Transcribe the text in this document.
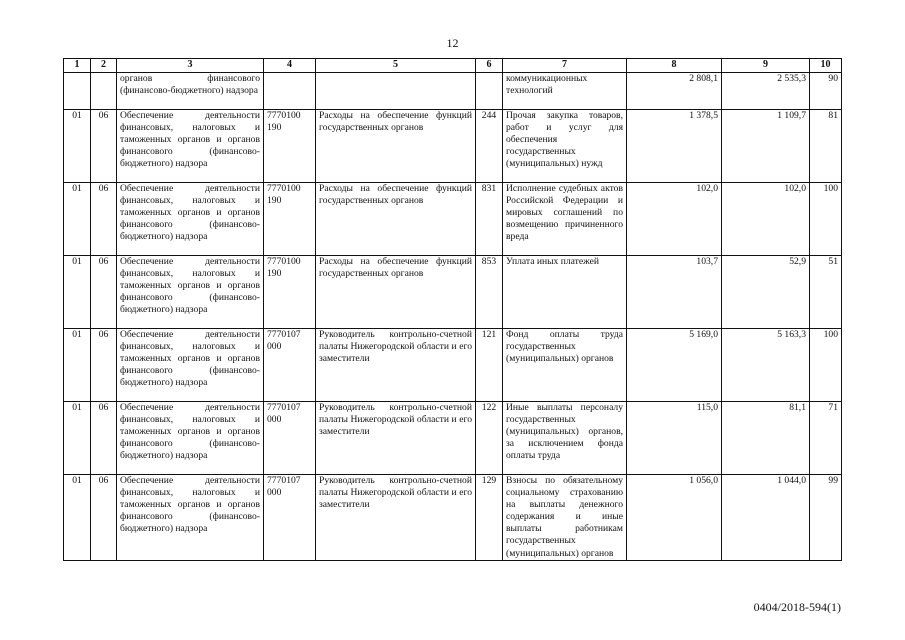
12
1	2	3	4	5	6	7	8	9	10
		органов финансового (финансово-бюджетного) надзора				коммуникационных технологий	2 808,1	2 535,3	90
01	06	Обеспечение деятельности финансовых, налоговых и таможенных органов и органов финансового (финансово-бюджетного) надзора	7770100 190	Расходы на обеспечение функций государственных органов	244	Прочая закупка товаров, работ и услуг для обеспечения государственных (муниципальных) нужд	1 378,5	1 109,7	81
01	06	Обеспечение деятельности финансовых, налоговых и таможенных органов и органов финансового (финансово-бюджетного) надзора	7770100 190	Расходы на обеспечение функций государственных органов	831	Исполнение судебных актов Российской Федерации и мировых соглашений по возмещению причиненного вреда	102,0	102,0	100
01	06	Обеспечение деятельности финансовых, налоговых и таможенных органов и органов финансового (финансово-бюджетного) надзора	7770100 190	Расходы на обеспечение функций государственных органов	853	Уплата иных платежей	103,7	52,9	51
01	06	Обеспечение деятельности финансовых, налоговых и таможенных органов и органов финансового (финансово-бюджетного) надзора	7770107 000	Руководитель контрольно-счетной палаты Нижегородской области и его заместители	121	Фонд оплаты труда государственных (муниципальных) органов	5 169,0	5 163,3	100
01	06	Обеспечение деятельности финансовых, налоговых и таможенных органов и органов финансового (финансово-бюджетного) надзора	7770107 000	Руководитель контрольно-счетной палаты Нижегородской области и его заместители	122	Иные выплаты персоналу государственных (муниципальных) органов, за исключением фонда оплаты труда	115,0	81,1	71
01	06	Обеспечение деятельности финансовых, налоговых и таможенных органов и органов финансового (финансово-бюджетного) надзора	7770107 000	Руководитель контрольно-счетной палаты Нижегородской области и его заместители	129	Взносы по обязательному социальному страхованию на выплаты денежного содержания и иные выплаты работникам государственных (муниципальных) органов	1 056,0	1 044,0	99
0404/2018-594(1)
